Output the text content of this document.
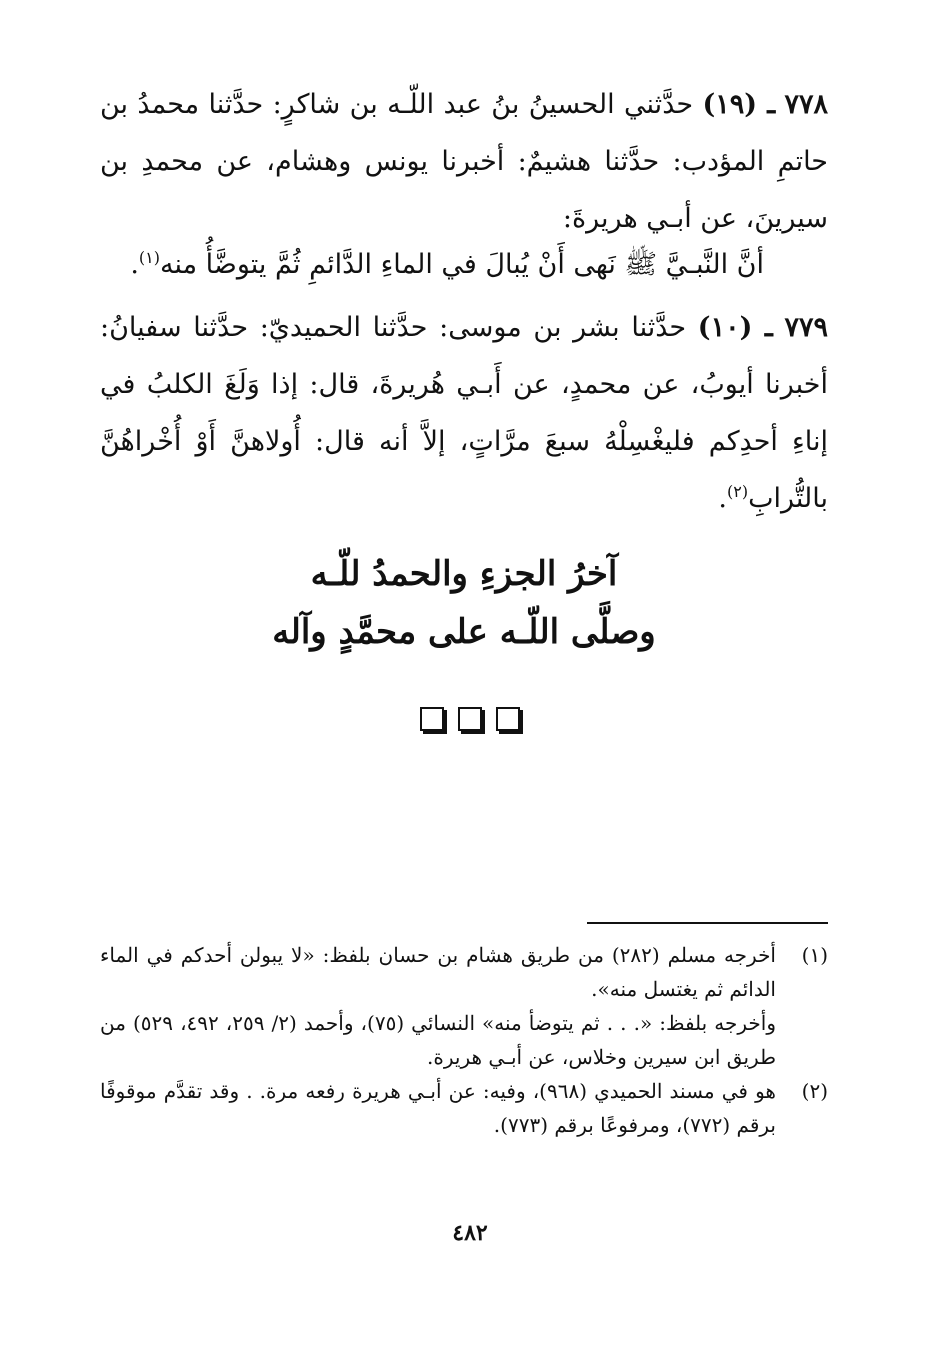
٧٧٨ ـ (١٩) حدَّثني الحسينُ بنُ عبد اللّـه بن شاكرٍ: حدَّثنا محمدُ بن حاتمِ المؤدب: حدَّثنا هشيمٌ: أخبرنا يونس وهشام، عن محمدِ بن سيرينَ، عن أبـي هريرةَ:
أنَّ النَّبـيَّ ﷺ نَهى أَنْ يُبالَ في الماءِ الدَّائمِ ثُمَّ يتوضَّأُ منه$^{(١)}$.
٧٧٩ ـ (١٠) حدَّثنا بشر بن موسى: حدَّثنا الحميديّ: حدَّثنا سفيانُ: أخبرنا أيوبُ، عن محمدٍ، عن أَبـي هُريرةَ، قال: إذا وَلَغَ الكلبُ في إناءِ أحدِكم فليغْسِلْهُ سبعَ مرَّاتٍ، إلاَّ أنه قال: أُولاهنَّ أَوْ أُخْراهُنَّ بالتُّرابِ$^{(٢)}$.
آخرُ الجزءِ والحمدُ للّـه
وصلَّى اللّـه على محمَّدٍ وآله
(١)

أخرجه مسلم (٢٨٢) من طريق هشام بن حسان بلفظ: «لا يبولن أحدكم في الماء الدائم ثم يغتسل منه».

وأخرجه بلفظ: «. . . ثم يتوضأ منه» النسائي (٧٥)، وأحمد (٢/ ٢٥٩، ٤٩٢، ٥٢٩) من طريق ابن سيرين وخلاس، عن أبـي هريرة.

(٢)

هو في مسند الحميدي (٩٦٨)، وفيه: عن أبـي هريرة رفعه مرة. . وقد تقدَّم موقوفًا برقم (٧٧٢)، ومرفوعًا برقم (٧٧٣).

٤٨٢
